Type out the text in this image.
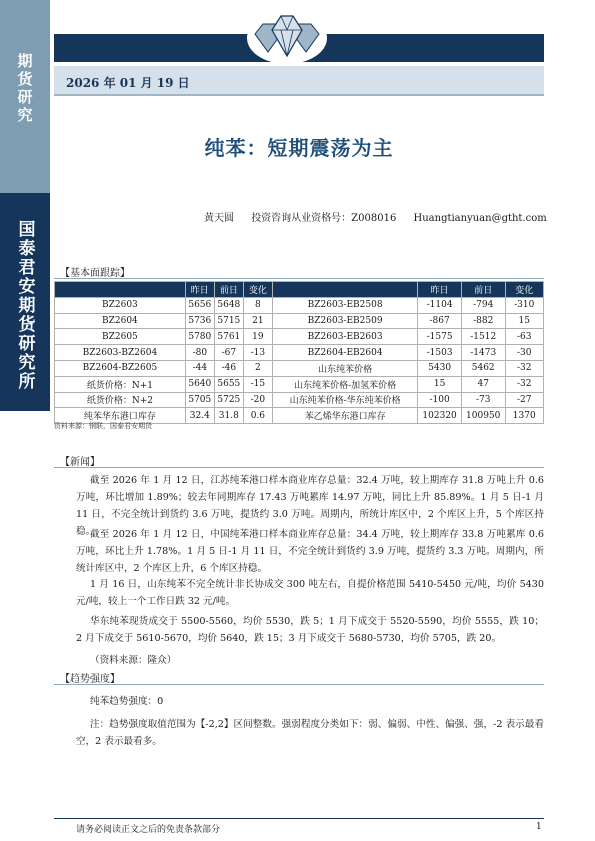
期货研究
国泰君安期货研究所
2026 年 01 月 19 日
纯苯：短期震荡为主
黄天圆 投资咨询从业资格号：Z008016 Huangtianyuan@gtht.com
【基本面跟踪】
	昨日	前日	变化		昨日	前日	变化
BZ2603	5656	5648	8	BZ2603-EB2508	-1104	-794	-310
BZ2604	5736	5715	21	BZ2603-EB2509	-867	-882	15
BZ2605	5780	5761	19	BZ2603-EB2603	-1575	-1512	-63
BZ2603-BZ2604	-80	-67	-13	BZ2604-EB2604	-1503	-1473	-30
BZ2604-BZ2605	-44	-46	2	山东纯苯价格	5430	5462	-32
纸货价格：N+1	5640	5655	-15	山东纯苯价格-加氢苯价格	15	47	-32
纸货价格：N+2	5705	5725	-20	山东纯苯价格-华东纯苯价格	-100	-73	-27
纯苯华东港口库存	32.4	31.8	0.6	苯乙烯华东港口库存	102320	100950	1370
资料来源：钢联，国泰君安期货
【新闻】
截至 2026 年 1 月 12 日，江苏纯苯港口样本商业库存总量：32.4 万吨，较上期库存 31.8 万吨上升 0.6 万吨，环比增加 1.89%；较去年同期库存 17.43 万吨累库 14.97 万吨，同比上升 85.89%。1 月 5 日-1 月 11 日，不完全统计到货约 3.6 万吨，提货约 3.0 万吨。周期内，所统计库区中，2 个库区上升，5 个库区持稳。
截至 2026 年 1 月 12 日，中国纯苯港口样本商业库存总量：34.4 万吨，较上期库存 33.8 万吨累库 0.6 万吨，环比上升 1.78%。1 月 5 日-1 月 11 日，不完全统计到货约 3.9 万吨，提货约 3.3 万吨。周期内，所统计库区中，2 个库区上升，6 个库区持稳。
1 月 16 日，山东纯苯不完全统计非长协成交 300 吨左右，自提价格范围 5410-5450 元/吨，均价 5430 元/吨，较上一个工作日跌 32 元/吨。
华东纯苯现货成交于 5500-5560，均价 5530，跌 5；1 月下成交于 5520-5590，均价 5555，跌 10；2 月下成交于 5610-5670，均价 5640，跌 15；3 月下成交于 5680-5730，均价 5705，跌 20。
（资料来源：隆众）
【趋势强度】
纯苯趋势强度：0
注：趋势强度取值范围为【-2,2】区间整数。强弱程度分类如下：弱、偏弱、中性、偏强、强，-2 表示最看空，2 表示最看多。
请务必阅读正文之后的免责条款部分	1
